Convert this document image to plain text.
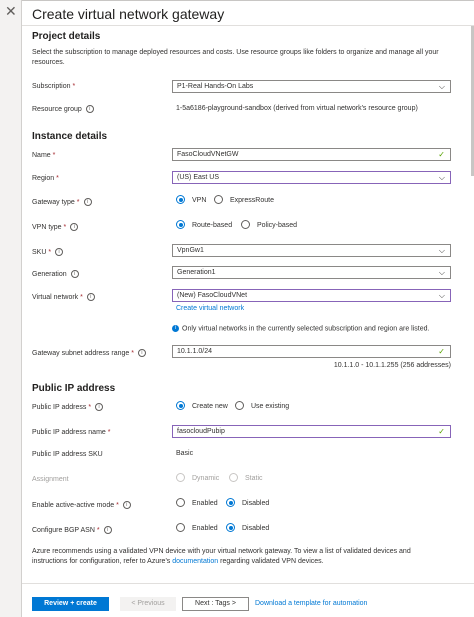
✕ Create virtual network gateway
Project details
Select the subscription to manage deployed resources and costs. Use resource groups like folders to organize and manage all your resources.
Subscription *	P1-Real Hands-On Labs	⌵
Resource group i	1-5a6186-playground-sandbox (derived from virtual network's resource group)
Instance details
Name *	FasoCloudVNetGW	✓
Region *	(US) East US	⌵
Gateway type * i	VPN	ExpressRoute
VPN type * i	Route-based	Policy-based
SKU * i	VpnGw1	⌵
Generation i	Generation1	⌵
Virtual network * i	(New) FasoCloudVNet	⌵
Create virtual network
i Only virtual networks in the currently selected subscription and region are listed.
Gateway subnet address range * i	10.1.1.0/24	✓
10.1.1.0 - 10.1.1.255 (256 addresses)
Public IP address
Public IP address * i	Create new	Use existing
Public IP address name *	fasocloudPubip	✓
Public IP address SKU	Basic
Assignment	Dynamic	Static
Enable active-active mode * i	Enabled	Disabled
Configure BGP ASN * i	Enabled	Disabled
Azure recommends using a validated VPN device with your virtual network gateway. To view a list of validated devices and instructions for configuration, refer to Azure's documentation regarding validated VPN devices.
Review + create	< Previous	Next : Tags >	Download a template for automation
